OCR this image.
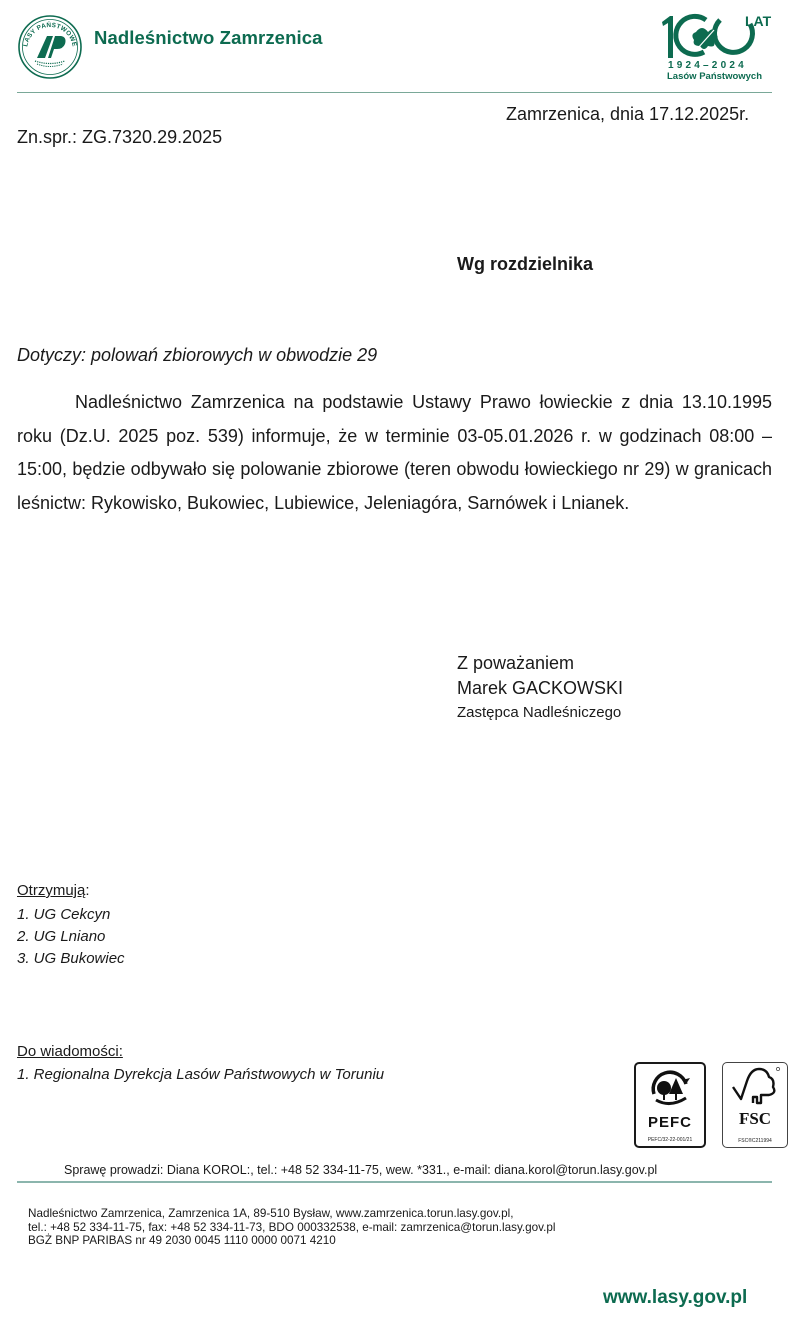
LASY PAŃSTWOWE Nadleśnictwo Zamrzenica
LAT
1924–2024
Lasów Państwowych
Zamrzenica, dnia 17.12.2025r.
Zn.spr.: ZG.7320.29.2025
Wg rozdzielnika
Dotyczy: polowań zbiorowych w obwodzie 29

Nadleśnictwo Zamrzenica na podstawie Ustawy Prawo łowieckie z dnia 13.10.1995 roku (Dz.U. 2025 poz. 539) informuje, że w terminie 03-05.01.2026 r. w godzinach 08:00 – 15:00, będzie odbywało się polowanie zbiorowe (teren obwodu łowieckiego nr 29) w granicach leśnictw: Rykowisko, Bukowiec, Lubiewice, Jeleniagóra, Sarnówek i Lnianek.

Z poważaniem
Marek GACKOWSKI
Zastępca Nadleśniczego
Otrzymują:
1. UG Cekcyn
2. UG Lniano
3. UG Bukowiec
Do wiadomości:
1. Regionalna Dyrekcja Lasów Państwowych w Toruniu
PEFC
PEFC/32-22-001/21
FSC
FSC®C211994
Sprawę prowadzi: Diana KOROL:, tel.: +48 52 334-11-75, wew. *331., e-mail: diana.korol@torun.lasy.gov.pl
Nadleśnictwo Zamrzenica, Zamrzenica 1A, 89-510 Bysław, www.zamrzenica.torun.lasy.gov.pl,
tel.: +48 52 334-11-75, fax: +48 52 334-11-73, BDO 000332538, e-mail: zamrzenica@torun.lasy.gov.pl
BGŻ BNP PARIBAS nr 49 2030 0045 1110 0000 0071 4210
www.lasy.gov.pl
